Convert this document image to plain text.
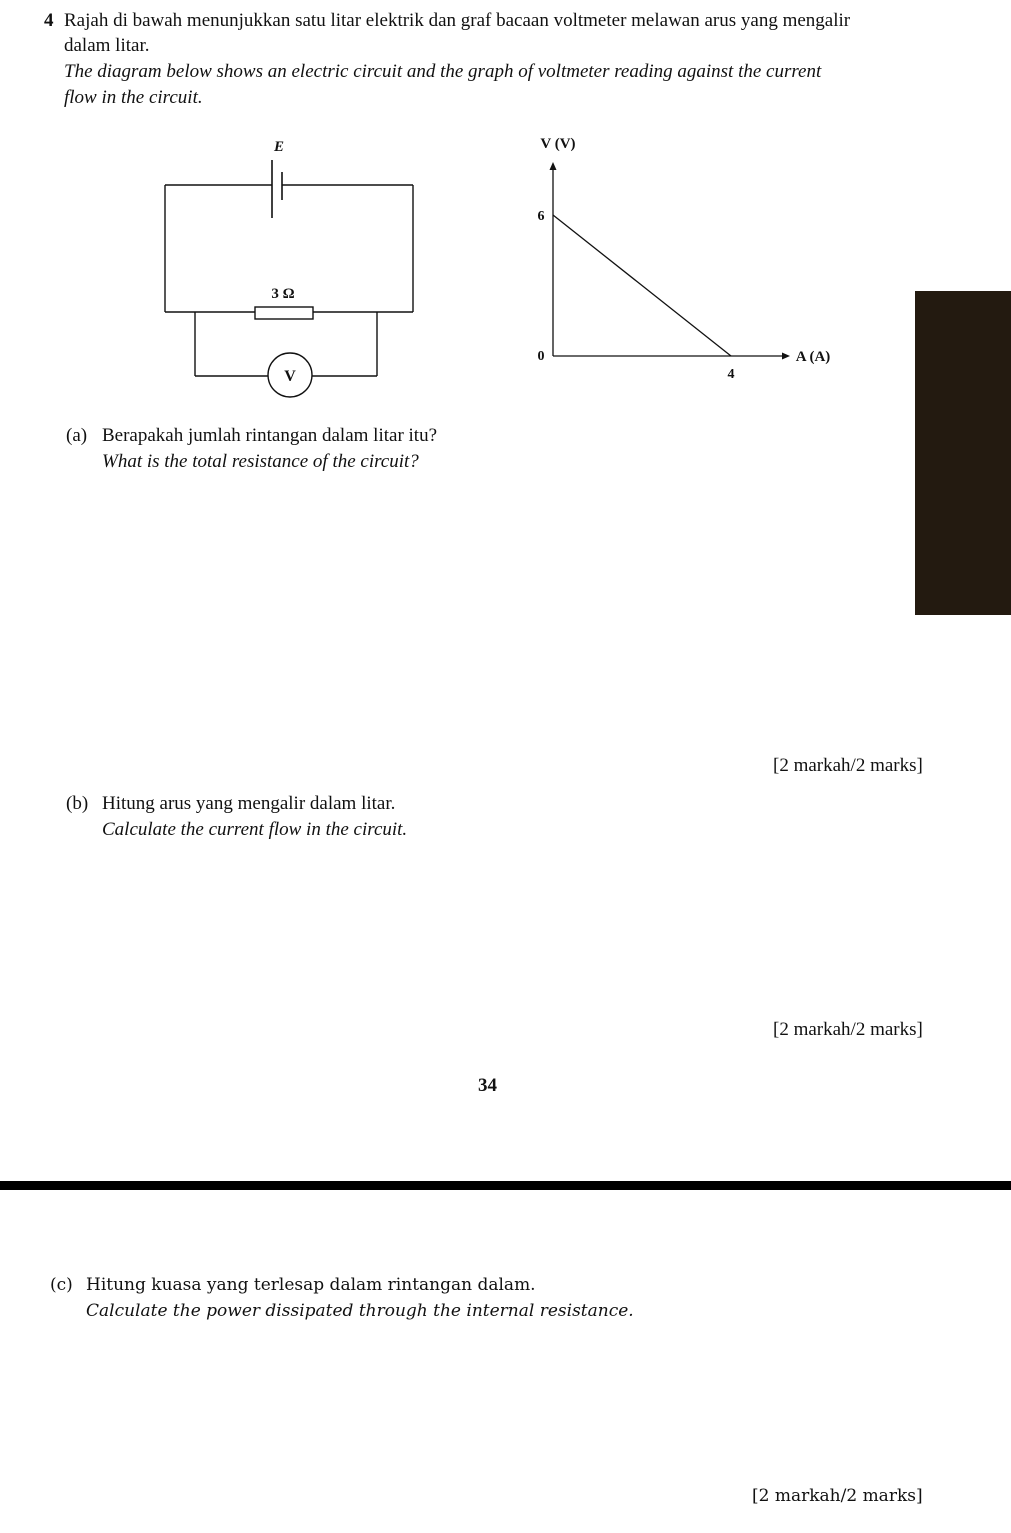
4 Rajah di bawah menunjukkan satu litar elektrik dan graf bacaan voltmeter melawan arus yang mengalir
dalam litar.
The diagram below shows an electric circuit and the graph of voltmeter reading against the current
flow in the circuit.
E
3 Ω
V
V (V)
A (A)
6
0
4
(a) Berapakah jumlah rintangan dalam litar itu?
What is the total resistance of the circuit?
[2 markah/2 marks]
(b) Hitung arus yang mengalir dalam litar.
Calculate the current flow in the circuit.
[2 markah/2 marks]
34
(c) Hitung kuasa yang terlesap dalam rintangan dalam.
Calculate the power dissipated through the internal resistance.
[2 markah/2 marks]
